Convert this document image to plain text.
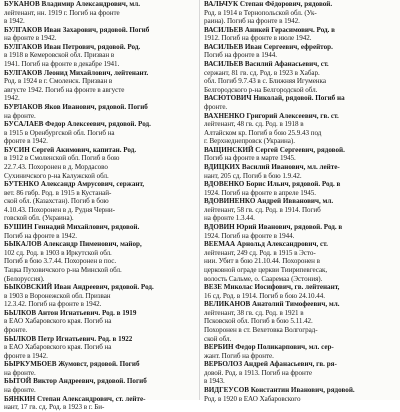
БУКАНОВ Владимир Александрович, мл.
лейтенант, нн. 1919 г. Погиб на фронте
в 1942.
БУЛГАКОВ Иван Захарович, рядовой. Погиб
на фронте в 1942.
БУЛГАКОВ Иван Петрович, рядовой. Род.
в 1918 в Кемеровской обл. Призван в
1941. Погиб на фронте в декабре 1941.
БУЛГАКОВ Леонид Михайлович, лейтенант.
Род. в 1924 в г. Смоленск. Призван в
августе 1942. Погиб на фронте в августе
1942.
БУРЛАКОВ Яков Иванович, рядовой. Погиб
на фронте.
БУСАЛАЕВ Федор Алексеевич, рядовой. Род.
в 1915 в Оренбургской обл. Погиб на
фронте в 1942.
БУСИН Сергей Акимович, капитан. Род.
в 1912 в Смоленской обл. Погиб в бою
22.7.43. Похоронен в д. Мордасово
Сухиничского р-на Калужской обл.
БУТЕНКО Александр Амрусович, сержант,
вет. 86 гвбр. Род. в 1915 в Кустанай-
ской обл. (Казахстан). Погиб в бою
4.10.43. Похоронен в д. Рудня Черни-
говской обл. (Украина).
БУШИН Геннадий Михайлович, рядовой.
Погиб на фронте в 1942.
БЫКАЛОВ Александр Пименович, майор,
102 сд. Род. в 1903 в Иркутской обл.
Погиб в бою 3.7.44. Похоронен в пос.
Тацка Пуховичского р-на Минской обл.
(Белоруссия).
БЫКОВСКИЙ Иван Андреевич, рядовой. Род.
в 1903 в Воронежской обл. Призван
12.3.42. Погиб на фронте в 1942.
БЫЛКОВ Антон Игнатьевич. Род. в 1919
в ЕАО Хабаровского края. Погиб на
фронте.
БЫЛКОВ Петр Игнатьевич. Род. в 1922
в ЕАО Хабаровского края. Погиб на
фронте в 1942.
БЫРКУМБОЕВ Жумовст, рядовой. Погиб
на фронте.
БЫТОЙ Виктор Андреевич, рядовой. Погиб
на фронте.
БЯНКИН Степан Александрович, ст. лейте-
нант, 17 гв. сд. Род. в 1923 в г. Би-
ВАЛЬЧУК Степан Фёдорович, рядовой.
Род. в 1914 в Тернопольской обл. (Ук-
раина). Погиб на фронте в 1942.
ВАСИЛЬЕВ Аникей Герасимович. Род. в
1912. Погиб на фронте в июле 1942.
ВАСИЛЬЕВ Иван Сергеевич, ефрейтор.
Погиб на фронте в 1944.
ВАСИЛЬЕВ Василий Афанасьевич, ст.
сержант, 81 гв. сд. Род. в 1923 в Хабар.
обл. Погиб 9.7.43 в с. Ближняя Игуменка
Белгородского р-на Белгородской обл.
ВАСЮТОВИЧ Николай, рядовой. Погиб на
фронте.
ВАХНЕНКО Григорий Алексеевич, гв. ст.
лейтенант, 48 гв. сд. Род. в 1918 в
Алтайском кр. Погиб в бою 25.9.43 под
г. Верхнеднепровск (Украина).
ВАЩИНСКИЙ Сергей Сергеевич, рядовой.
Погиб на фронте в марте 1945.
ВДИЦКИХ Василий Иванович, мл. лейте-
нант, 205 сд. Погиб в бою 1.9.42.
ВДОВЕНКО Борис Ильич, рядовой. Род. в
1924. Погиб на фронте в апреле 1945.
ВДОВИНЕНКО Андрей Ивванович, мл.
лейтенант, 58 гв. сд. Род. в 1914. Погиб
на фронте 1.3.44.
ВДОВИН Юрий Иванович, рядовой. Род. в
1924. Погиб на фронте в 1944.
ВЕЕМАА Арнольд Александрович, ст.
лейтенант, 249 сд. Род. в 1915 в Эсто-
нии. Убит в бою 21.10.44. Похоронен в
церковной ограде церкви Тиирипевгесак,
волость Сальме, о. Сааремаа (Эстония).
ВЕЗЕ Миколас Иосифович, гв. лейтенант,
16 сд. Род. в 1914. Погиб в бою 24.10.44.
ВЕЛИКАНОВ Анатолий Тимофеевич, мл.
лейтенант, 38 гв. сд. Род. в 1921 в
Псковской обл. Погиб в бою 5.11.42.
Похоронен в ст. Вехетовка Волгоград-
ской обл.
ВЕРБИН Федор Поликарпович, мл. сер-
жант. Погиб на фронте.
ВЕРБОЛОЗ Андрей Афанасьевич, гв. ря-
довой. Род. в 1913. Погиб на фронте
в 1943.
ВИДГЕУСОВ Константин Иванович, рядовой.
Род. в 1920 в ЕАО Хабаровского
